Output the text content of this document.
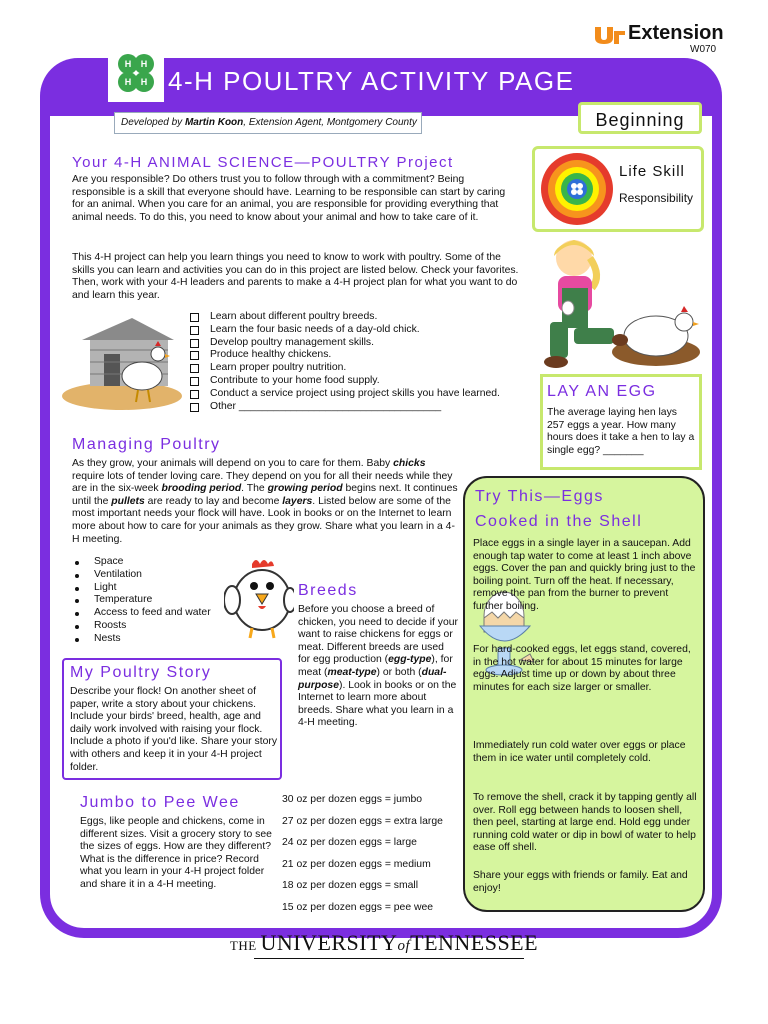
Extension
W070
H H
H H 4-H POULTRY ACTIVITY PAGE
Developed by Martin Koon, Extension Agent, Montgomery County	Beginning
Your 4-H ANIMAL SCIENCE—POULTRY Project
Are you responsible? Do others trust you to follow through with a commitment? Being responsible is a skill that everyone should have. Learning to be responsible can start by caring for an animal. When you care for an animal, you are responsible for providing everything that animal needs. To do this, you need to know about your animal and how to take care of it.
This 4-H project can help you learn things you need to know to work with poultry. Some of the skills you can learn and activities you can do in this project are listed below. Check your favorites. Then, work with your 4-H leaders and parents to make a 4-H project plan for what you want to do and learn this year.
Learn about different poultry breeds.
Learn the four basic needs of a day-old chick.
Develop poultry management skills.
Produce healthy chickens.
Learn proper poultry nutrition.
Contribute to your home food supply.
Conduct a service project using project skills you have learned.
Other ___________________________________
Life Skill
Responsibility
LAY AN EGG
The average laying hen lays 257 eggs a year. How many hours does it take a hen to lay a single egg? _______
Managing Poultry
As they grow, your animals will depend on you to care for them. Baby chicks require lots of tender loving care. They depend on you for all their needs while they are in the six-week brooding period. The growing period begins next. It continues until the pullets are ready to lay and become layers. Listed below are some of the most important needs your flock will have. Look in books or on the Internet to learn more about how to care for your animals as they grow. Share what you learn in a 4-H meeting.
Space
Ventilation
Light
Temperature
Access to feed and water
Roosts
Nests
Breeds
Before you choose a breed of chicken, you need to decide if your want to raise chickens for eggs or meat. Different breeds are used for egg production (egg-type), for meat (meat-type) or both (dual-purpose). Look in books or on the Internet to learn more about breeds. Share what you learn in a 4-H meeting.
My Poultry Story
Describe your flock! On another sheet of paper, write a story about your chickens. Include your birds' breed, health, age and daily work involved with raising your flock. Include a photo if you'd like. Share your story with others and keep it in your 4-H project folder.
Jumbo to Pee Wee
Eggs, like people and chickens, come in different sizes. Visit a grocery story to see the sizes of eggs. How are they different? What is the difference in price? Record what you learn in your 4-H project folder and share it in a 4-H meeting.
30 oz per dozen eggs = jumbo
27 oz per dozen eggs = extra large
24 oz per dozen eggs = large
21 oz per dozen eggs = medium
18 oz per dozen eggs = small
15 oz per dozen eggs = pee wee
Try This—Eggs
Cooked in the Shell
Place eggs in a single layer in a saucepan. Add enough tap water to come at least 1 inch above eggs. Cover the pan and quickly bring just to the boiling point. Turn off the heat. If necessary, remove the pan from the burner to prevent further boiling.
For hard-cooked eggs, let eggs stand, covered, in the hot water for about 15 minutes for large eggs. Adjust time up or down by about three minutes for each size larger or smaller.
Immediately run cold water over eggs or place them in ice water until completely cold.
To remove the shell, crack it by tapping gently all over. Roll egg between hands to loosen shell, then peel, starting at large end. Hold egg under running cold water or dip in bowl of water to help ease off shell.
Share your eggs with friends or family. Eat and enjoy!
THE UNIVERSITYofTENNESSEE
